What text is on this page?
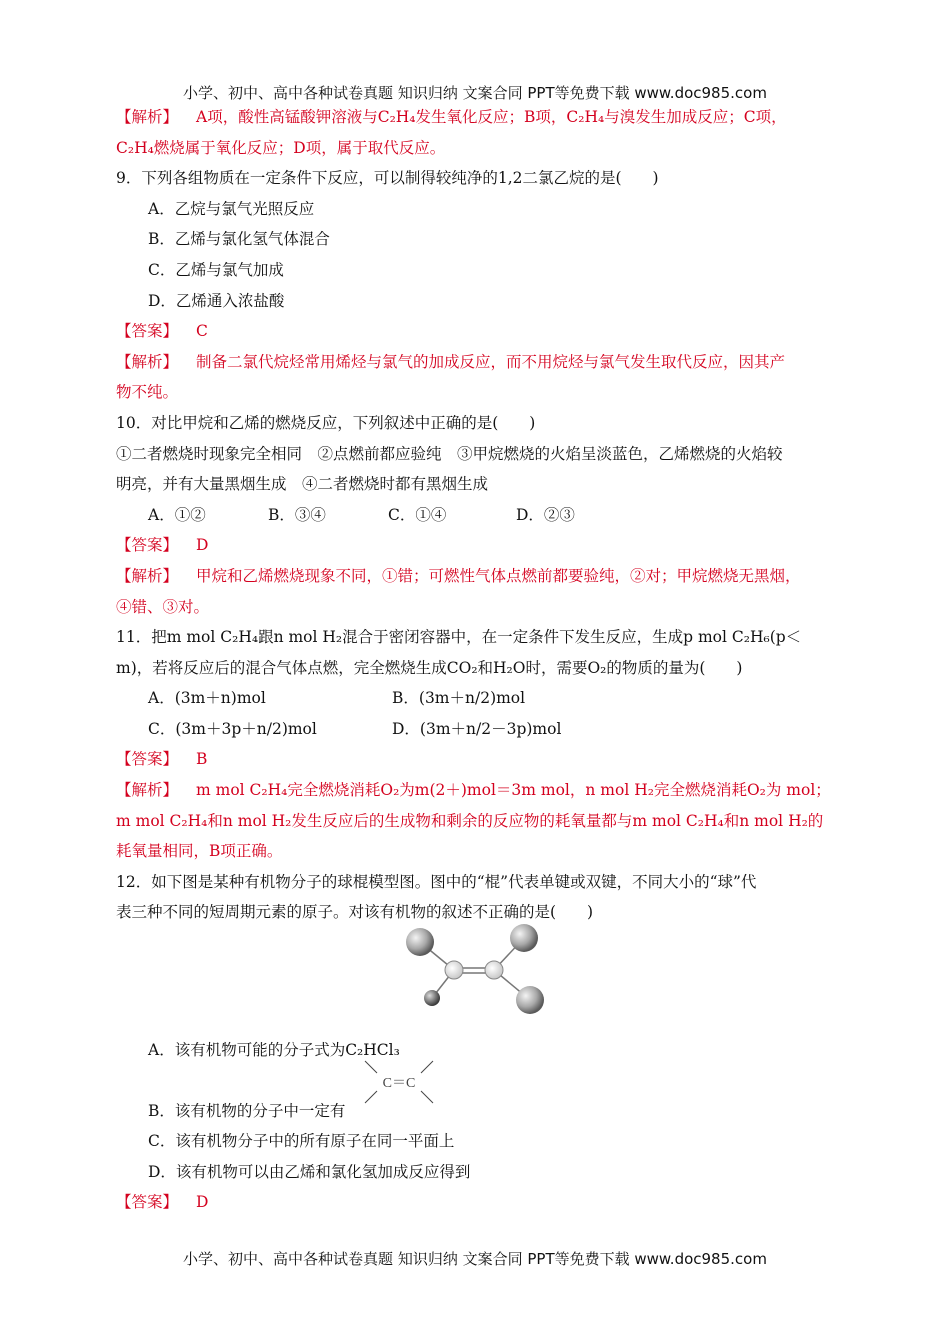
小学、初中、高中各种试卷真题 知识归纳 文案合同 PPT等免费下载 www.doc985.com
【解析】 A项，酸性高锰酸钾溶液与C₂H₄发生氧化反应；B项，C₂H₄与溴发生加成反应；C项，
C₂H₄燃烧属于氧化反应；D项，属于取代反应。
9．下列各组物质在一定条件下反应，可以制得较纯净的1,2二氯乙烷的是(　　)
A．乙烷与氯气光照反应
B．乙烯与氯化氢气体混合
C．乙烯与氯气加成
D．乙烯通入浓盐酸
【答案】 C
【解析】 制备二氯代烷烃常用烯烃与氯气的加成反应，而不用烷烃与氯气发生取代反应，因其产
物不纯。
10．对比甲烷和乙烯的燃烧反应，下列叙述中正确的是(　　)
①二者燃烧时现象完全相同　②点燃前都应验纯　③甲烷燃烧的火焰呈淡蓝色，乙烯燃烧的火焰较
明亮，并有大量黑烟生成　④二者燃烧时都有黑烟生成
A．①②	B．③④	C．①④	D．②③
【答案】 D
【解析】 甲烷和乙烯燃烧现象不同，①错；可燃性气体点燃前都要验纯，②对；甲烷燃烧无黑烟，
④错、③对。
11．把m mol C₂H₄跟n mol H₂混合于密闭容器中，在一定条件下发生反应，生成p mol C₂H₆(p＜
m)，若将反应后的混合气体点燃，完全燃烧生成CO₂和H₂O时，需要O₂的物质的量为(　　)
A．(3m＋n)mol	B．(3m＋n/2)mol
C．(3m＋3p＋n/2)mol	D．(3m＋n/2－3p)mol
【答案】 B
【解析】 m mol C₂H₄完全燃烧消耗O₂为m(2＋)mol＝3m mol，n mol H₂完全燃烧消耗O₂为 mol；
m mol C₂H₄和n mol H₂发生反应后的生成物和剩余的反应物的耗氧量都与m mol C₂H₄和n mol H₂的
耗氧量相同，B项正确。
12．如下图是某种有机物分子的球棍模型图。图中的“棍”代表单键或双键，不同大小的“球”代
表三种不同的短周期元素的原子。对该有机物的叙述不正确的是(　　)
A．该有机物可能的分子式为C₂HCl₃
B．该有机物的分子中一定有
C．该有机物分子中的所有原子在同一平面上
D．该有机物可以由乙烯和氯化氢加成反应得到
【答案】 D
C＝C
小学、初中、高中各种试卷真题 知识归纳 文案合同 PPT等免费下载 www.doc985.com
